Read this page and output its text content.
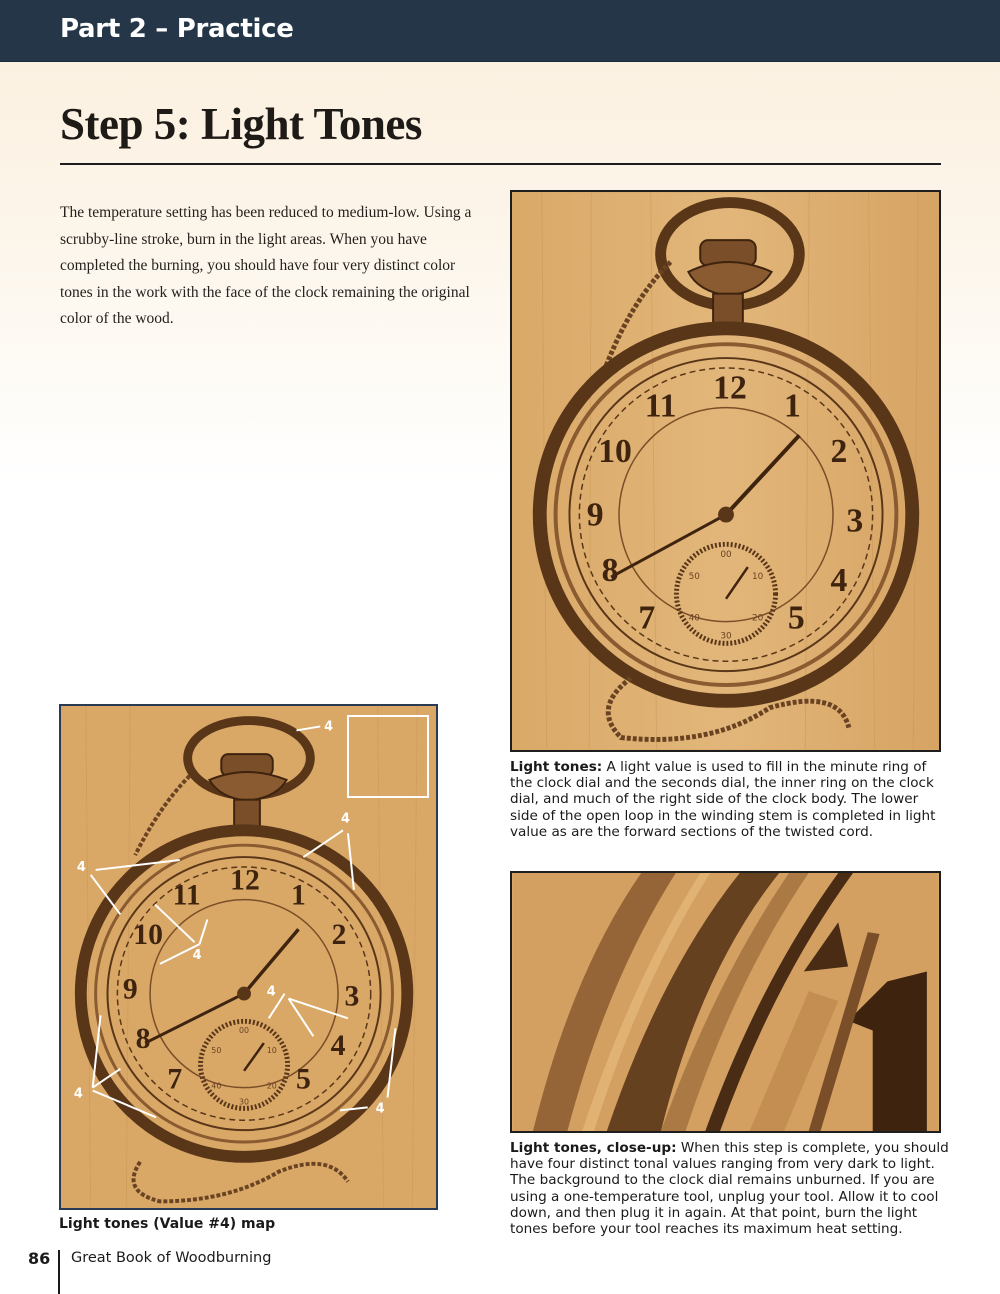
Part 2 – Practice
Step 5: Light Tones

The temperature setting has been reduced to medium-low. Using a scrubby-line stroke, burn in the light areas. When you have completed the burning, you should have four very distinct color tones in the work with the face of the clock remaining the original color of the wood.

12 1
2
3
4
5
7
8
9
10
11
00
10
20
30
40
50
Light tones: A light value is used to fill in the minute ring of the clock dial and the seconds dial, the inner ring on the clock dial, and much of the right side of the clock body. The lower side of the open loop in the winding stem is completed in light value as are the forward sections of the twisted cord.
Light tones, close-up: When this step is complete, you should have four distinct tonal values ranging from very dark to light. The background to the clock dial remains unburned. If you are using a one-temperature tool, unplug your tool. Allow it to cool down, and then plug it in again. At that point, burn the light tones before your tool reaches its maximum heat setting.
12 1
2
3
4
5
7
8
9
10
11
00
10
20
30
40
50
4
4
4
4
4
4
4
Light tones (Value #4) map
86 Great Book of Woodburning
